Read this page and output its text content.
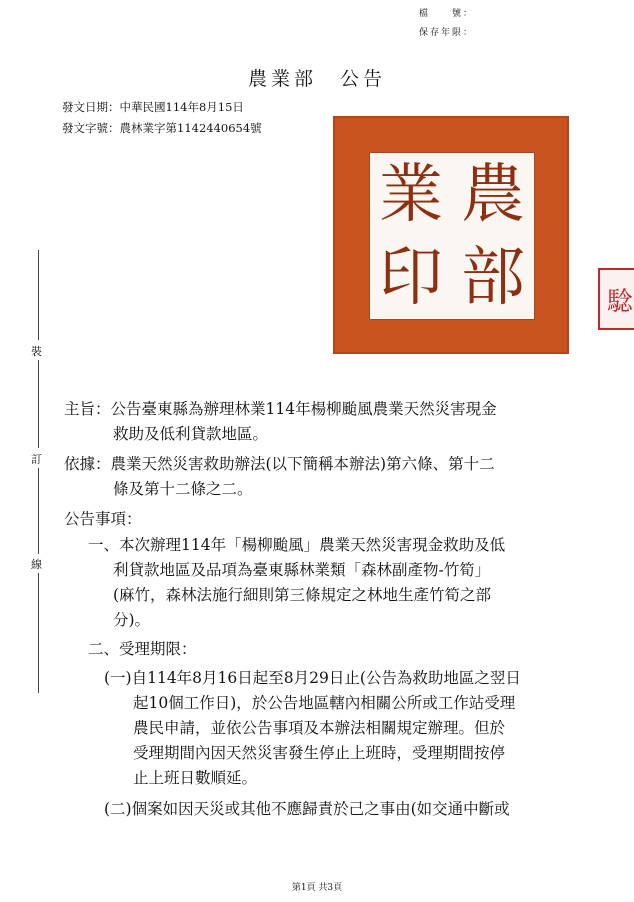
檔　　號：
保存年限：
農業部　公告
發文日期：中華民國114年8月15日
發文字號：農林業字第1142440654號
農
業
部
印	騐
裝
訂
線
主旨：公告臺東縣為辦理林業114年楊柳颱風農業天然災害現金
救助及低利貸款地區。
依據：農業天然災害救助辦法(以下簡稱本辦法)第六條、第十二
條及第十二條之二。
公告事項：
一、本次辦理114年「楊柳颱風」農業天然災害現金救助及低
利貸款地區及品項為臺東縣林業類「森林副產物-竹筍」
(麻竹，森林法施行細則第三條規定之林地生產竹筍之部
分)。
二、受理期限：
(一)自114年8月16日起至8月29日止(公告為救助地區之翌日
起10個工作日)，於公告地區轄內相關公所或工作站受理
農民申請，並依公告事項及本辦法相關規定辦理。但於
受理期間內因天然災害發生停止上班時，受理期間按停
止上班日數順延。
(二)個案如因天災或其他不應歸責於己之事由(如交通中斷或
第1頁 共3頁
